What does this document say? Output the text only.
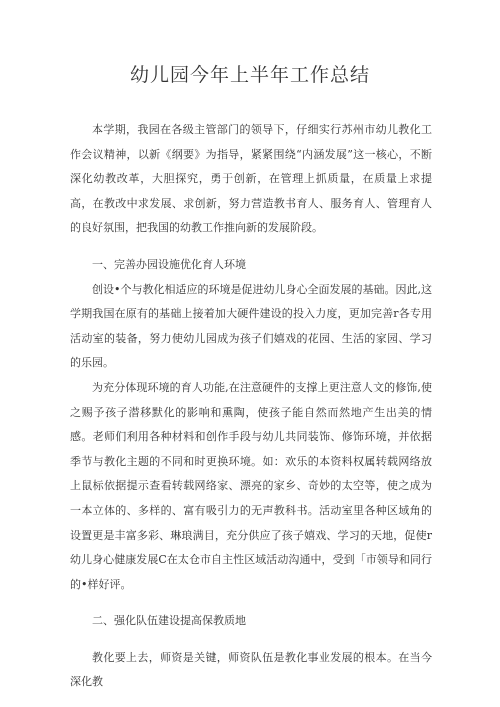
幼儿园今年上半年工作总结

本学期，我园在各级主管部门的领导下，仔细实行苏州市幼儿教化工作会议精神，以新《纲要》为指导，紧紧围绕“内涵发展”这一核心，不断深化幼教改革，大胆探究，勇于创新，在管理上抓质量，在质量上求提高，在教改中求发展、求创新，努力营造教书育人、服务育人、管理育人的良好氛围，把我国的幼教工作推向新的发展阶段。

一、完善办园设施优化育人环境

创设•个与教化相适应的环境是促进幼儿身心全面发展的基础。因此,这学期我国在原有的基础上接着加大硬件建设的投入力度，更加完善r各专用活动室的装备，努力使幼儿园成为孩子们嬉戏的花园、生活的家园、学习的乐园。

为充分体现环境的育人功能,在注意硬件的支撑上更注意人文的修饰,使之赐予孩子潜移默化的影响和熏陶，使孩子能自然而然地产生出美的情感。老师们利用各种材料和创作手段与幼儿共同装饰、修饰环境，并依据季节与教化主题的不同和时更换环境。如：欢乐的本资料权属转载网络放上鼠标依据提示查看转载网络家、漂亮的家乡、奇妙的太空等，使之成为一本立体的、多样的、富有吸引力的无声教科书。活动室里各种区域角的设置更是丰富多彩、琳琅满目，充分供应了孩子嬉戏、学习的天地，促使r幼儿身心健康发展C在太仓市自主性区域活动沟通中，受到「市领导和同行的•样好评。

二、强化队伍建设提高保教质地

教化要上去，师资是关键，师资队伍是教化事业发展的根本。在当今深化教
